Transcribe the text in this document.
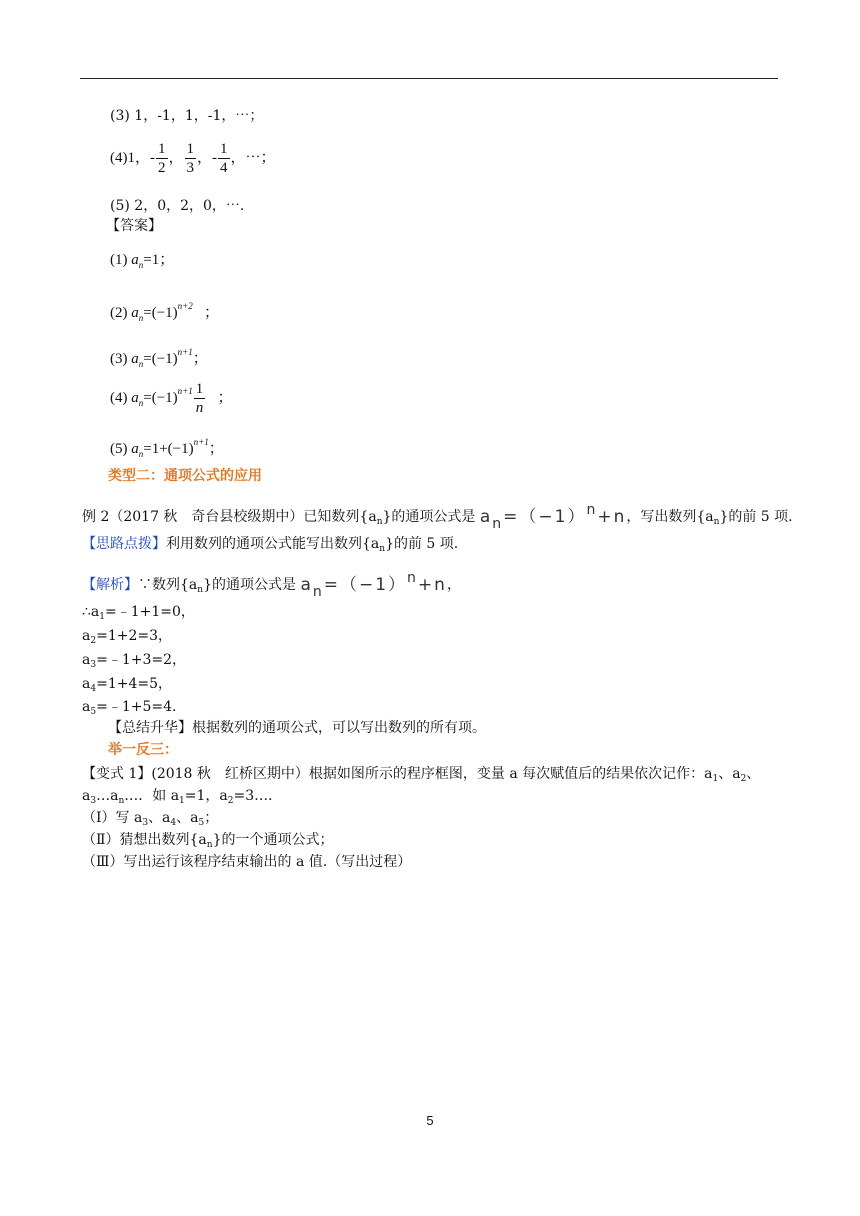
(3) 1，-1，1，-1，⋯；
(4)1，- $\frac{1}{2}$ ， $\frac{1}{3}$ ，- $\frac{1}{4}$ ，⋯；
(5) 2，0，2，0，⋯.
【答案】
(1) $a_n=1$；
(2) $a_n=(-1)^{n+2}$ ；
(3) $a_n=(-1)^{n+1}$；
(4) $a_n=(-1)^{n+1} \frac{1}{n}$ ；
(5) $a_n=1+(-1)^{n+1}$；
类型二：通项公式的应用
例 2（2017 秋　奇台县校级期中）已知数列$\{a_n\}$的通项公式是 $a_n=(-1)^n+n$，写出数列$\{a_n\}$的前 5 项.
【思路点拨】利用数列的通项公式能写出数列$\{a_n\}$的前 5 项.
【解析】∵数列$\{a_n\}$的通项公式是 $a_n=(-1)^n+n$，
$\therefore a_1=﹣1+1=0$，
$a_2=1+2=3$，
$a_3=﹣1+3=2$，
$a_4=1+4=5$，
$a_5=﹣1+5=4$.
【总结升华】根据数列的通项公式，可以写出数列的所有项。
举一反三：
【变式 1】(2018 秋　红桥区期中）根据如图所示的程序框图，变量 a 每次赋值后的结果依次记作：$a_1$、$a_2$、
$a_3\dots a_n\dots$．如 $a_1=1$，$a_2=3\dots$．
（Ⅰ）写 $a_3$、$a_4$、$a_5$；
（Ⅱ）猜想出数列$\{a_n\}$的一个通项公式；
（Ⅲ）写出运行该程序结束输出的 a 值.（写出过程）
5
